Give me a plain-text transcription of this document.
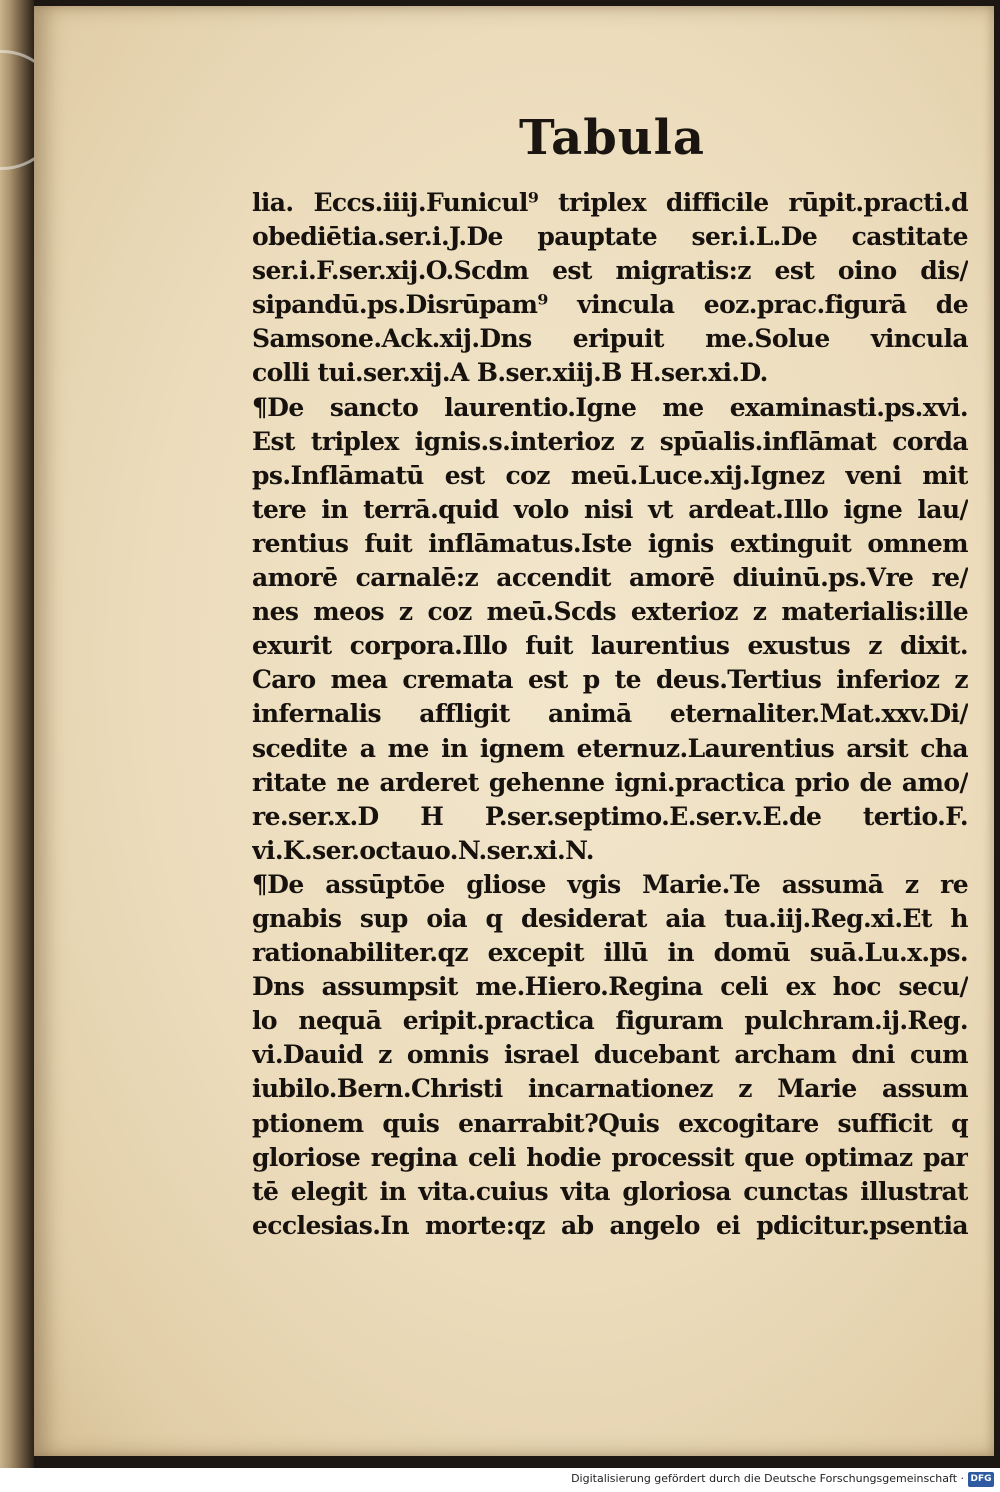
Tabula
lia. Eccs.iiij.Funicul⁹ triplex difficile rūpit.practi.d
obediētia.ser.i.J.De pauptate ser.i.L.De castitate
ser.i.F.ser.xij.O.Scdm est migratis:z est oino dis/
sipandū.ps.Disrūpam⁹ vincula eoz.prac.figurā de
Samsone.Ack.xij.Dns eripuit me.Solue vincula
colli tui.ser.xij.A B.ser.xiij.B H.ser.xi.D.
¶De sancto laurentio.Igne me examinasti.ps.xvi.
Est triplex ignis.s.interioz z spūalis.inflāmat corda
ps.Inflāmatū est coz meū.Luce.xij.Ignez veni mit
tere in terrā.quid volo nisi vt ardeat.Illo igne lau/
rentius fuit inflāmatus.Iste ignis extinguit omnem
amorē carnalē:z accendit amorē diuinū.ps.Vre re/
nes meos z coz meū.Scds exterioz z materialis:ille
exurit corpora.Illo fuit laurentius exustus z dixit.
Caro mea cremata est p te deus.Tertius inferioz z
infernalis affligit animā eternaliter.Mat.xxv.Di/
scedite a me in ignem eternuz.Laurentius arsit cha
ritate ne arderet gehenne igni.practica prio de amo/
re.ser.x.D H P.ser.septimo.E.ser.v.E.de tertio.F.
vi.K.ser.octauo.N.ser.xi.N.
¶De assūptōe gliose vgis Marie.Te assumā z re
gnabis sup oia q desiderat aia tua.iij.Reg.xi.Et h
rationabiliter.qz excepit illū in domū suā.Lu.x.ps.
Dns assumpsit me.Hiero.Regina celi ex hoc secu/
lo nequā eripit.practica figuram pulchram.ij.Reg.
vi.Dauid z omnis israel ducebant archam dni cum
iubilo.Bern.Christi incarnationez z Marie assum
ptionem quis enarrabit?Quis excogitare sufficit q
gloriose regina celi hodie processit que optimaz par
tē elegit in vita.cuius vita gloriosa cunctas illustrat
ecclesias.In morte:qz ab angelo ei pdicitur.psentia
Digitalisierung gefördert durch die Deutsche Forschungsgemeinschaft · DFG
